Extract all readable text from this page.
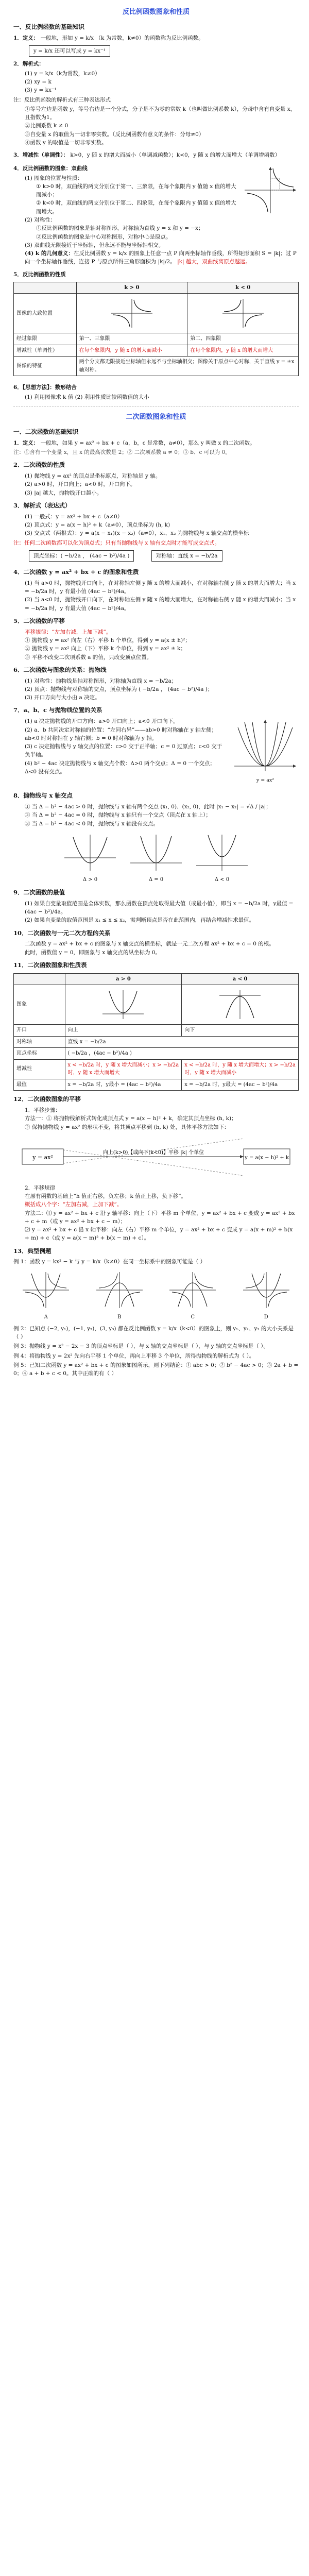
反比例函数图象和性质
一、反比例函数的基础知识
1．定义： 一般地，形如 y = k/x （k 为常数，k≠0）的函数称为反比例函数。
y = k/x 还可以写成 y = kx⁻¹
2．解析式：
(1) y = k/x（k为常数，k≠0）
(2) xy = k
(3) y = kx⁻¹
注：反比例函数的解析式有三种表达形式
①等号左边是函数 y，等号右边是一个分式，分子是不为零的常数 k（也叫做比例系数 k），分母中含有自变量 x，且指数为1。
②比例系数 k ≠ 0
③自变量 x 的取值为一切非零实数。（反比例函数有意义的条件：分母≠0）
④函数 y 的取值是一切非零实数。
3．增减性（单调性）： k>0，y 随 x 的增大而减小（单调减函数）；k<0，y 随 x 的增大而增大（单调增函数）
4．反比例函数的图象：双曲线
(1) 图象的位置与性质：
① k>0 时，双曲线的两支分别位于第一、三象限，在每个象限内 y 值随 x 值的增大而减小；
② k<0 时，双曲线的两支分别位于第二、四象限，在每个象限内 y 值随 x 值的增大而增大。
(2) 对称性：
①反比例函数的图象是轴对称图形，对称轴为直线 y = x 和 y = −x；
②反比例函数的图象是中心对称图形，对称中心是原点。
(3) 双曲线无限接近于坐标轴，但永远不能与坐标轴相交。
(4) k 的几何意义：在反比例函数 y = k/x 的图象上任意一点 P 向两坐标轴作垂线，所得矩形面积 S = |k|；过 P 向一个坐标轴作垂线，连接 P 与原点所得三角形面积为 |k|/2。 |k| 越大，双曲线离原点越远。
5．反比例函数的性质
	k > 0	k < 0
图像的大致位置	

经过象限	第一、三象限	第二、四象限
增减性（单调性）	在每个象限内，y 随 x 的增大而减小	在每个象限内，y 随 x 的增大而增大
图像的特征	两个分支都无限接近坐标轴但永远不与坐标轴相交；图像关于原点中心对称，关于直线 y = ±x 轴对称。	
6．【思想方法】：数形结合
(1) 利用图像求 k 值 (2) 利用性质比较函数值的大小
二次函数图象和性质
一、二次函数的基础知识
1．定义： 一般地，如果 y = ax² + bx + c（a，b，c 是常数，a≠0），那么 y 叫做 x 的二次函数。
注：①含有一个变量 x，且 x 的最高次数是 2；② 二次项系数 a ≠ 0；③ b、c 可以为 0。
2．二次函数的性质
(1) 抛物线 y = ax² 的顶点是坐标原点，对称轴是 y 轴。
(2) a>0 时，开口向上；a<0 时，开口向下。
(3) |a| 越大，抛物线开口越小。
3．解析式（表达式）
(1) 一般式：y = ax² + bx + c（a≠0）
(2) 顶点式：y = a(x − h)² + k（a≠0），顶点坐标为 (h, k)
(3) 交点式（两根式）：y = a(x − x₁)(x − x₂)（a≠0），x₁、x₂ 为抛物线与 x 轴交点的横坐标
注：任何二次函数都可以化为顶点式；只有当抛物线与 x 轴有交点时才能写成交点式。
顶点坐标：( −b/2a ， (4ac − b²)/4a )	对称轴：直线 x = −b/2a
4．二次函数 y = ax² + bx + c 的图象和性质
(1) 当 a>0 时，抛物线开口向上，在对称轴左侧 y 随 x 的增大而减小，在对称轴右侧 y 随 x 的增大而增大；当 x = −b/2a 时，y 有最小值 (4ac − b²)/4a。
(2) 当 a<0 时，抛物线开口向下，在对称轴左侧 y 随 x 的增大而增大，在对称轴右侧 y 随 x 的增大而减小；当 x = −b/2a 时，y 有最大值 (4ac − b²)/4a。
5．二次函数的平移
平移规律：“左加右减，上加下减”。
① 抛物线 y = ax² 向左（右）平移 h 个单位，得到 y = a(x ± h)²；
② 抛物线 y = ax² 向上（下）平移 k 个单位，得到 y = ax² ± k；
③ 平移不改变二次项系数 a 的值，只改变顶点位置。
6．二次函数与图象的关系：抛物线
(1) 对称性：抛物线是轴对称图形，对称轴为直线 x = −b/2a；
(2) 顶点：抛物线与对称轴的交点，顶点坐标为 ( −b/2a ， (4ac − b²)/4a )；
(3) 开口方向与大小由 a 决定。
7．a、b、c 与抛物线位置的关系
y = ax²
(1) a 决定抛物线的开口方向：a>0 开口向上；a<0 开口向下。
(2) a、b 共同决定对称轴的位置：“左同右异”——ab>0 时对称轴在 y 轴左侧；ab<0 时对称轴在 y 轴右侧；b = 0 时对称轴为 y 轴。
(3) c 决定抛物线与 y 轴交点的位置：c>0 交于正半轴；c = 0 过原点；c<0 交于负半轴。
(4) b² − 4ac 决定抛物线与 x 轴交点个数：Δ>0 两个交点；Δ = 0 一个交点；Δ<0 没有交点。
8．抛物线与 x 轴交点
① 当 Δ = b² − 4ac > 0 时，抛物线与 x 轴有两个交点 (x₁, 0)、(x₂, 0)，此时 |x₁ − x₂| = √Δ / |a|；
② 当 Δ = b² − 4ac = 0 时，抛物线与 x 轴只有一个交点（顶点在 x 轴上）；
③ 当 Δ = b² − 4ac < 0 时，抛物线与 x 轴没有交点。
Δ > 0	Δ = 0	Δ < 0
9．二次函数的最值
(1) 如果自变量取值范围是全体实数，那么函数在顶点处取得最大值（或最小值），即当 x = −b/2a 时，y最值 = (4ac − b²)/4a。
(2) 如果自变量的取值范围是 x₁ ≤ x ≤ x₂，需判断顶点是否在此范围内，再结合增减性求最值。
10．二次函数与一元二次方程的关系
二次函数 y = ax² + bx + c 的图象与 x 轴交点的横坐标，就是一元二次方程 ax² + bx + c = 0 的根。
此时，函数值 y = 0，即图象与 x 轴交点的纵坐标为 0。
11．二次函数图象和性质表
	a > 0	a < 0
图象	

开口	向上	向下
对称轴	直线 x = −b/2a	
顶点坐标	( −b/2a ，(4ac − b²)/4a )	
增减性	x < −b/2a 时，y 随 x 增大而减小；x > −b/2a 时，y 随 x 增大而增大	x < −b/2a 时，y 随 x 增大而增大；x > −b/2a 时，y 随 x 增大而减小
最值	x = −b/2a 时，y最小 = (4ac − b²)/4a	x = −b/2a 时，y最大 = (4ac − b²)/4a
12．二次函数图象的平移
1．平移步骤：
方法一：① 将抛物线解析式转化成顶点式 y = a(x − h)² + k，确定其顶点坐标 (h, k)；
② 保持抛物线 y = ax² 的形状不变，将其顶点平移到 (h, k) 处，具体平移方法如下：
y = ax²
向上(k>0)【或向下(k<0)】平移 |k| 个单位
y = a(x − h)² + k
2．平移规律
在原有函数的基础上“h 值正右移，负左移；k 值正上移，负下移”。
概括成八个字：“左加右减，上加下减”。
方法二：⑴ y = ax² + bx + c 沿 y 轴平移：向上（下）平移 m 个单位，y = ax² + bx + c 变成 y = ax² + bx + c + m（或 y = ax² + bx + c − m）；
⑵ y = ax² + bx + c 沿 x 轴平移：向左（右）平移 m 个单位，y = ax² + bx + c 变成 y = a(x + m)² + b(x + m) + c（或 y = a(x − m)² + b(x − m) + c）。
13．典型例题
例 1：函数 y = kx² − k 与 y = k/x（k≠0）在同一坐标系中的图象可能是（ ）
A	B	C	D
例 2：已知点 (−2, y₁)，(−1, y₂)，(3, y₃) 都在反比例函数 y = k/x（k<0）的图象上，则 y₁、y₂、y₃ 的大小关系是（ ）
例 3：抛物线 y = x² − 2x − 3 的顶点坐标是（ ），与 x 轴的交点坐标是（ ），与 y 轴的交点坐标是（ ）。
例 4：将抛物线 y = 2x² 先向右平移 1 个单位，再向上平移 3 个单位，所得抛物线的解析式为（ ）。
例 5：已知二次函数 y = ax² + bx + c 的图象如图所示，则下列结论：① abc > 0；② b² − 4ac > 0；③ 2a + b = 0；④ a + b + c < 0。其中正确的有（ ）
